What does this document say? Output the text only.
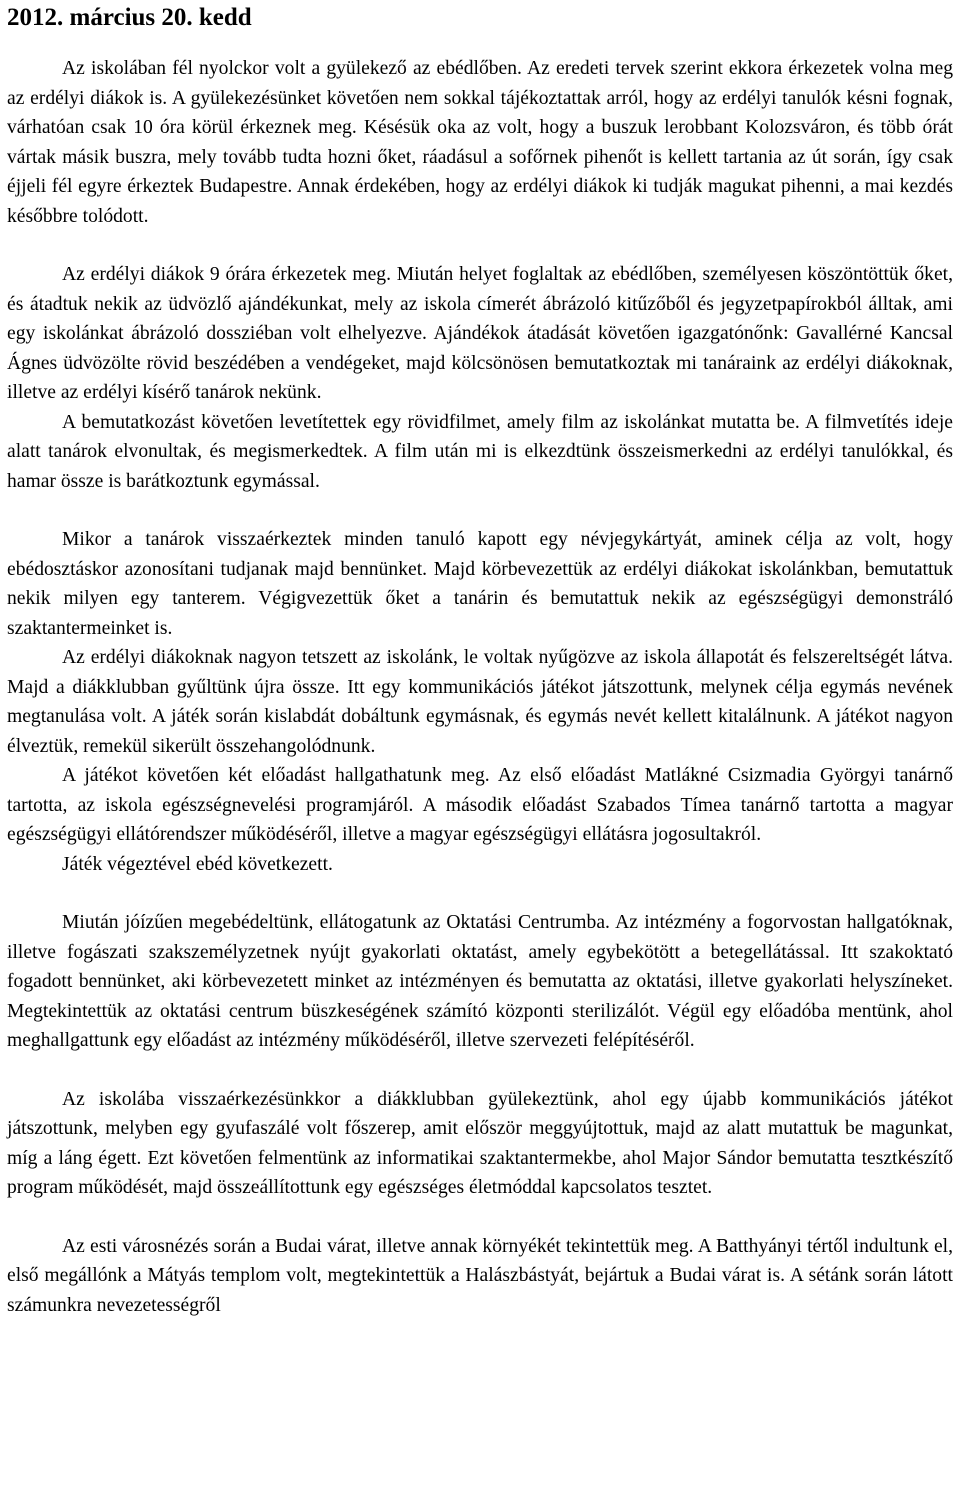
2012. március 20. kedd

Az iskolában fél nyolckor volt a gyülekező az ebédlőben. Az eredeti tervek szerint ekkora érkezetek volna meg az erdélyi diákok is. A gyülekezésünket követően nem sokkal tájékoztattak arról, hogy az erdélyi tanulók késni fognak, várhatóan csak 10 óra körül érkeznek meg. Késésük oka az volt, hogy a buszuk lerobbant Kolozsváron, és több órát vártak másik buszra, mely tovább tudta hozni őket, ráadásul a sofőrnek pihenőt is kellett tartania az út során, így csak éjjeli fél egyre érkeztek Budapestre. Annak érdekében, hogy az erdélyi diákok ki tudják magukat pihenni, a mai kezdés későbbre tolódott.

Az erdélyi diákok 9 órára érkezetek meg. Miután helyet foglaltak az ebédlőben, személyesen köszöntöttük őket, és átadtuk nekik az üdvözlő ajándékunkat, mely az iskola címerét ábrázoló kitűzőből és jegyzetpapírokból álltak, ami egy iskolánkat ábrázoló dossziéban volt elhelyezve. Ajándékok átadását követően igazgatónőnk: Gavallérné Kancsal Ágnes üdvözölte rövid beszédében a vendégeket, majd kölcsönösen bemutatkoztak mi tanáraink az erdélyi diákoknak, illetve az erdélyi kísérő tanárok nekünk.

A bemutatkozást követően levetítettek egy rövidfilmet, amely film az iskolánkat mutatta be. A filmvetítés ideje alatt tanárok elvonultak, és megismerkedtek. A film után mi is elkezdtünk összeismerkedni az erdélyi tanulókkal, és hamar össze is barátkoztunk egymással.

Mikor a tanárok visszaérkeztek minden tanuló kapott egy névjegykártyát, aminek célja az volt, hogy ebédosztáskor azonosítani tudjanak majd bennünket. Majd körbevezettük az erdélyi diákokat iskolánkban, bemutattuk nekik milyen egy tanterem. Végigvezettük őket a tanárin és bemutattuk nekik az egészségügyi demonstráló szaktantermeinket is.

Az erdélyi diákoknak nagyon tetszett az iskolánk, le voltak nyűgözve az iskola állapotát és felszereltségét látva. Majd a diákklubban gyűltünk újra össze. Itt egy kommunikációs játékot játszottunk, melynek célja egymás nevének megtanulása volt. A játék során kislabdát dobáltunk egymásnak, és egymás nevét kellett kitalálnunk. A játékot nagyon élveztük, remekül sikerült összehangolódnunk.

A játékot követően két előadást hallgathatunk meg. Az első előadást Matlákné Csizmadia Györgyi tanárnő tartotta, az iskola egészségnevelési programjáról. A második előadást Szabados Tímea tanárnő tartotta a magyar egészségügyi ellátórendszer működéséről, illetve a magyar egészségügyi ellátásra jogosultakról.

Játék végeztével ebéd következett.

Miután jóízűen megebédeltünk, ellátogatunk az Oktatási Centrumba. Az intézmény a fogorvostan hallgatóknak, illetve fogászati szakszemélyzetnek nyújt gyakorlati oktatást, amely egybekötött a betegellátással. Itt szakoktató fogadott bennünket, aki körbevezetett minket az intézményen és bemutatta az oktatási, illetve gyakorlati helyszíneket. Megtekintettük az oktatási centrum büszkeségének számító központi sterilizálót. Végül egy előadóba mentünk, ahol meghallgattunk egy előadást az intézmény működéséről, illetve szervezeti felépítéséről.

Az iskolába visszaérkezésünkkor a diákklubban gyülekeztünk, ahol egy újabb kommunikációs játékot játszottunk, melyben egy gyufaszálé volt főszerep, amit először meggyújtottuk, majd az alatt mutattuk be magunkat, míg a láng égett. Ezt követően felmentünk az informatikai szaktantermekbe, ahol Major Sándor bemutatta tesztkészítő program működését, majd összeállítottunk egy egészséges életmóddal kapcsolatos tesztet.

Az esti városnézés során a Budai várat, illetve annak környékét tekintettük meg. A Batthyányi tértől indultunk el, első megállónk a Mátyás templom volt, megtekintettük a Halászbástyát, bejártuk a Budai várat is. A sétánk során látott számunkra nevezetességről
